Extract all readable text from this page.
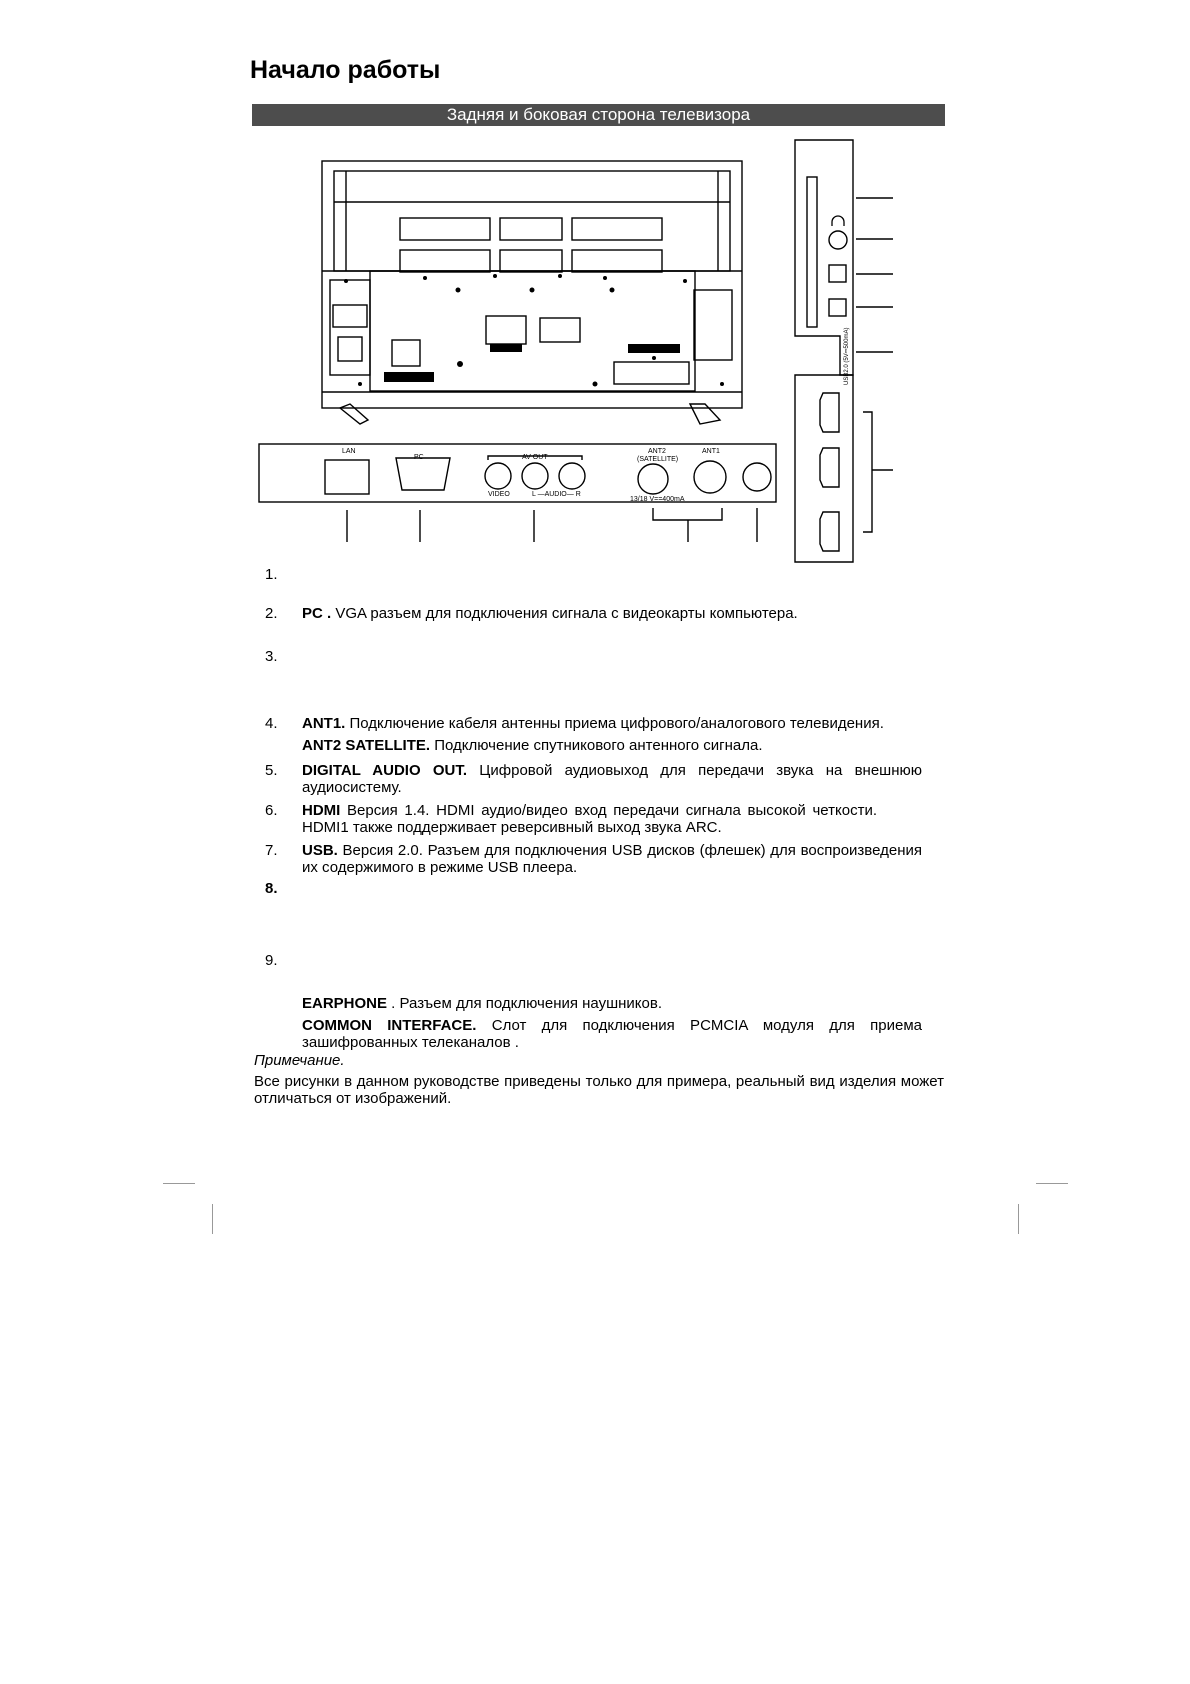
Начало работы
Задняя и боковая сторона телевизора
LAN
PC	AV OUT
VIDEO	L —AUDIO— R
ANT2
(SATELLITE)
13/18 V==400mA
ANT1
USB2.0 (5V⎓500mA)
1.
2. PC . VGA разъем для подключения сигнала с видеокарты компьютера.
3.
4. ANT1. Подключение кабеля антенны приема цифрового/аналогового телевидения.
ANT2 SATELLITE. Подключение спутникового антенного сигнала.
5. DIGITAL AUDIO OUT. Цифровой аудиовыход для передачи звука на внешнюю аудиосистему.
6. HDMI Версия 1.4. HDMI аудио/видео вход передачи сигнала высокой четкости. HDMI1 также поддерживает реверсивный выход звука ARC.
7. USB. Версия 2.0. Разъем для подключения USB дисков (флешек) для воспроизведения их содержимого в режиме USB плеера.
8.
9.
EARPHONE . Разъем для подключения наушников.
COMMON INTERFACE. Слот для подключения PCMCIA модуля для приема зашифрованных телеканалов .
Примечание.
Все рисунки в данном руководстве приведены только для примера, реальный вид изделия может отличаться от изображений.
